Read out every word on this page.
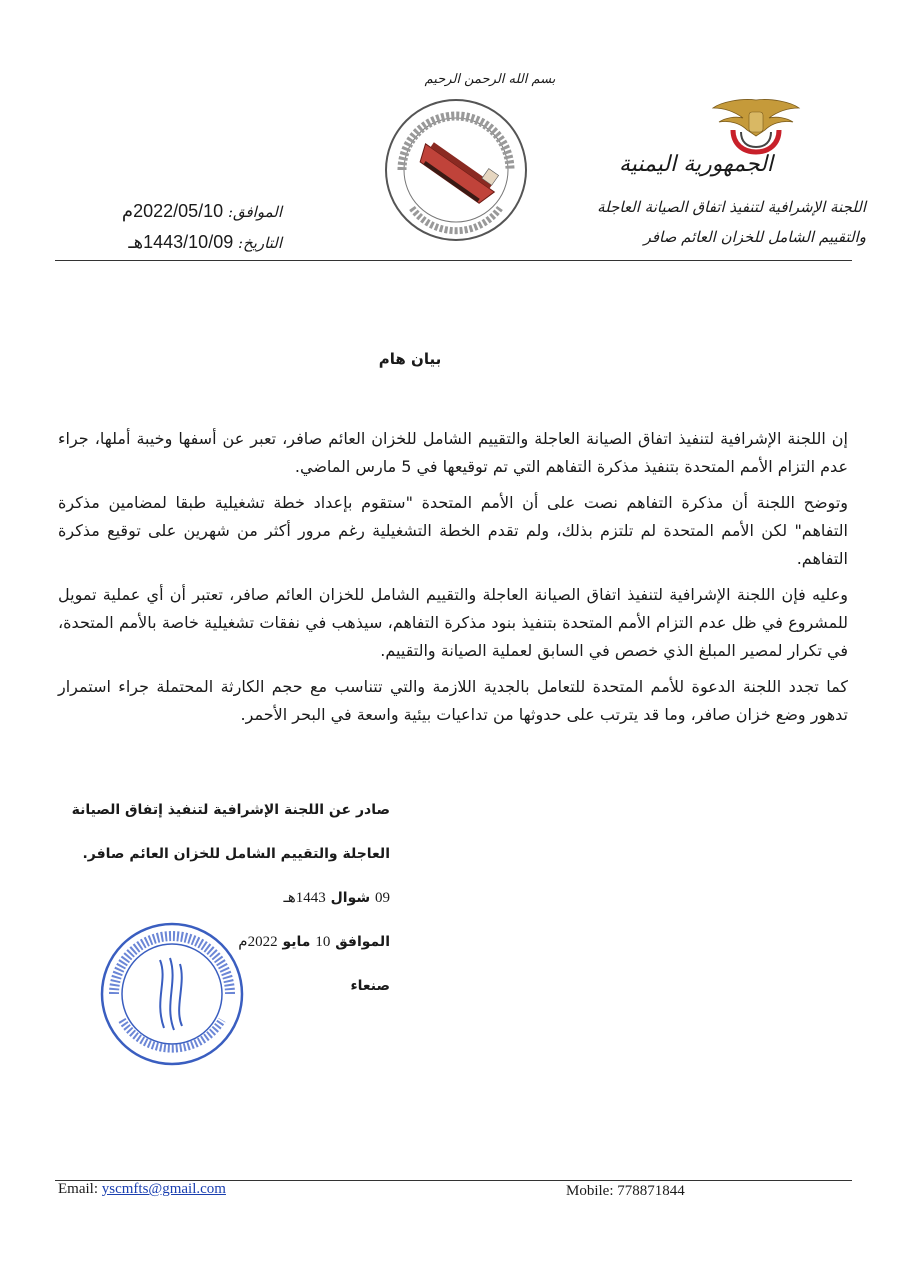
الجمهورية اليمنية
اللجنة الإشرافية لتنفيذ اتفاق الصيانة العاجلة
والتقييم الشامل للخزان العائم صافر
بسم الله الرحمن الرحيم
الموافق: 2022/05/10م
التاريخ: 1443/10/09هـ
بيان هام

إن اللجنة الإشرافية لتنفيذ اتفاق الصيانة العاجلة والتقييم الشامل للخزان العائم صافر، تعبر عن أسفها وخيبة أملها، جراء عدم التزام الأمم المتحدة بتنفيذ مذكرة التفاهم التي تم توقيعها في 5 مارس الماضي.

وتوضح اللجنة أن مذكرة التفاهم نصت على أن الأمم المتحدة "ستقوم بإعداد خطة تشغيلية طبقا لمضامين مذكرة التفاهم" لكن الأمم المتحدة لم تلتزم بذلك، ولم تقدم الخطة التشغيلية رغم مرور أكثر من شهرين على توقيع مذكرة التفاهم.

وعليه فإن اللجنة الإشرافية لتنفيذ اتفاق الصيانة العاجلة والتقييم الشامل للخزان العائم صافر، تعتبر أن أي عملية تمويل للمشروع في ظل عدم التزام الأمم المتحدة بتنفيذ بنود مذكرة التفاهم، سيذهب في نفقات تشغيلية خاصة بالأمم المتحدة، في تكرار لمصير المبلغ الذي خصص في السابق لعملية الصيانة والتقييم.

كما تجدد اللجنة الدعوة للأمم المتحدة للتعامل بالجدية اللازمة والتي تتناسب مع حجم الكارثة المحتملة جراء استمرار تدهور وضع خزان صافر، وما قد يترتب على حدوثها من تداعيات بيئية واسعة في البحر الأحمر.

صادر عن اللجنة الإشرافية لتنفيذ إتفاق الصيانة
العاجلة والتقييم الشامل للخزان العائم صافر.
09 شوال 1443هـ
الموافق 10 مايو 2022م
صنعاء
Email: yscmfts@gmail.com	Mobile: 778871844
